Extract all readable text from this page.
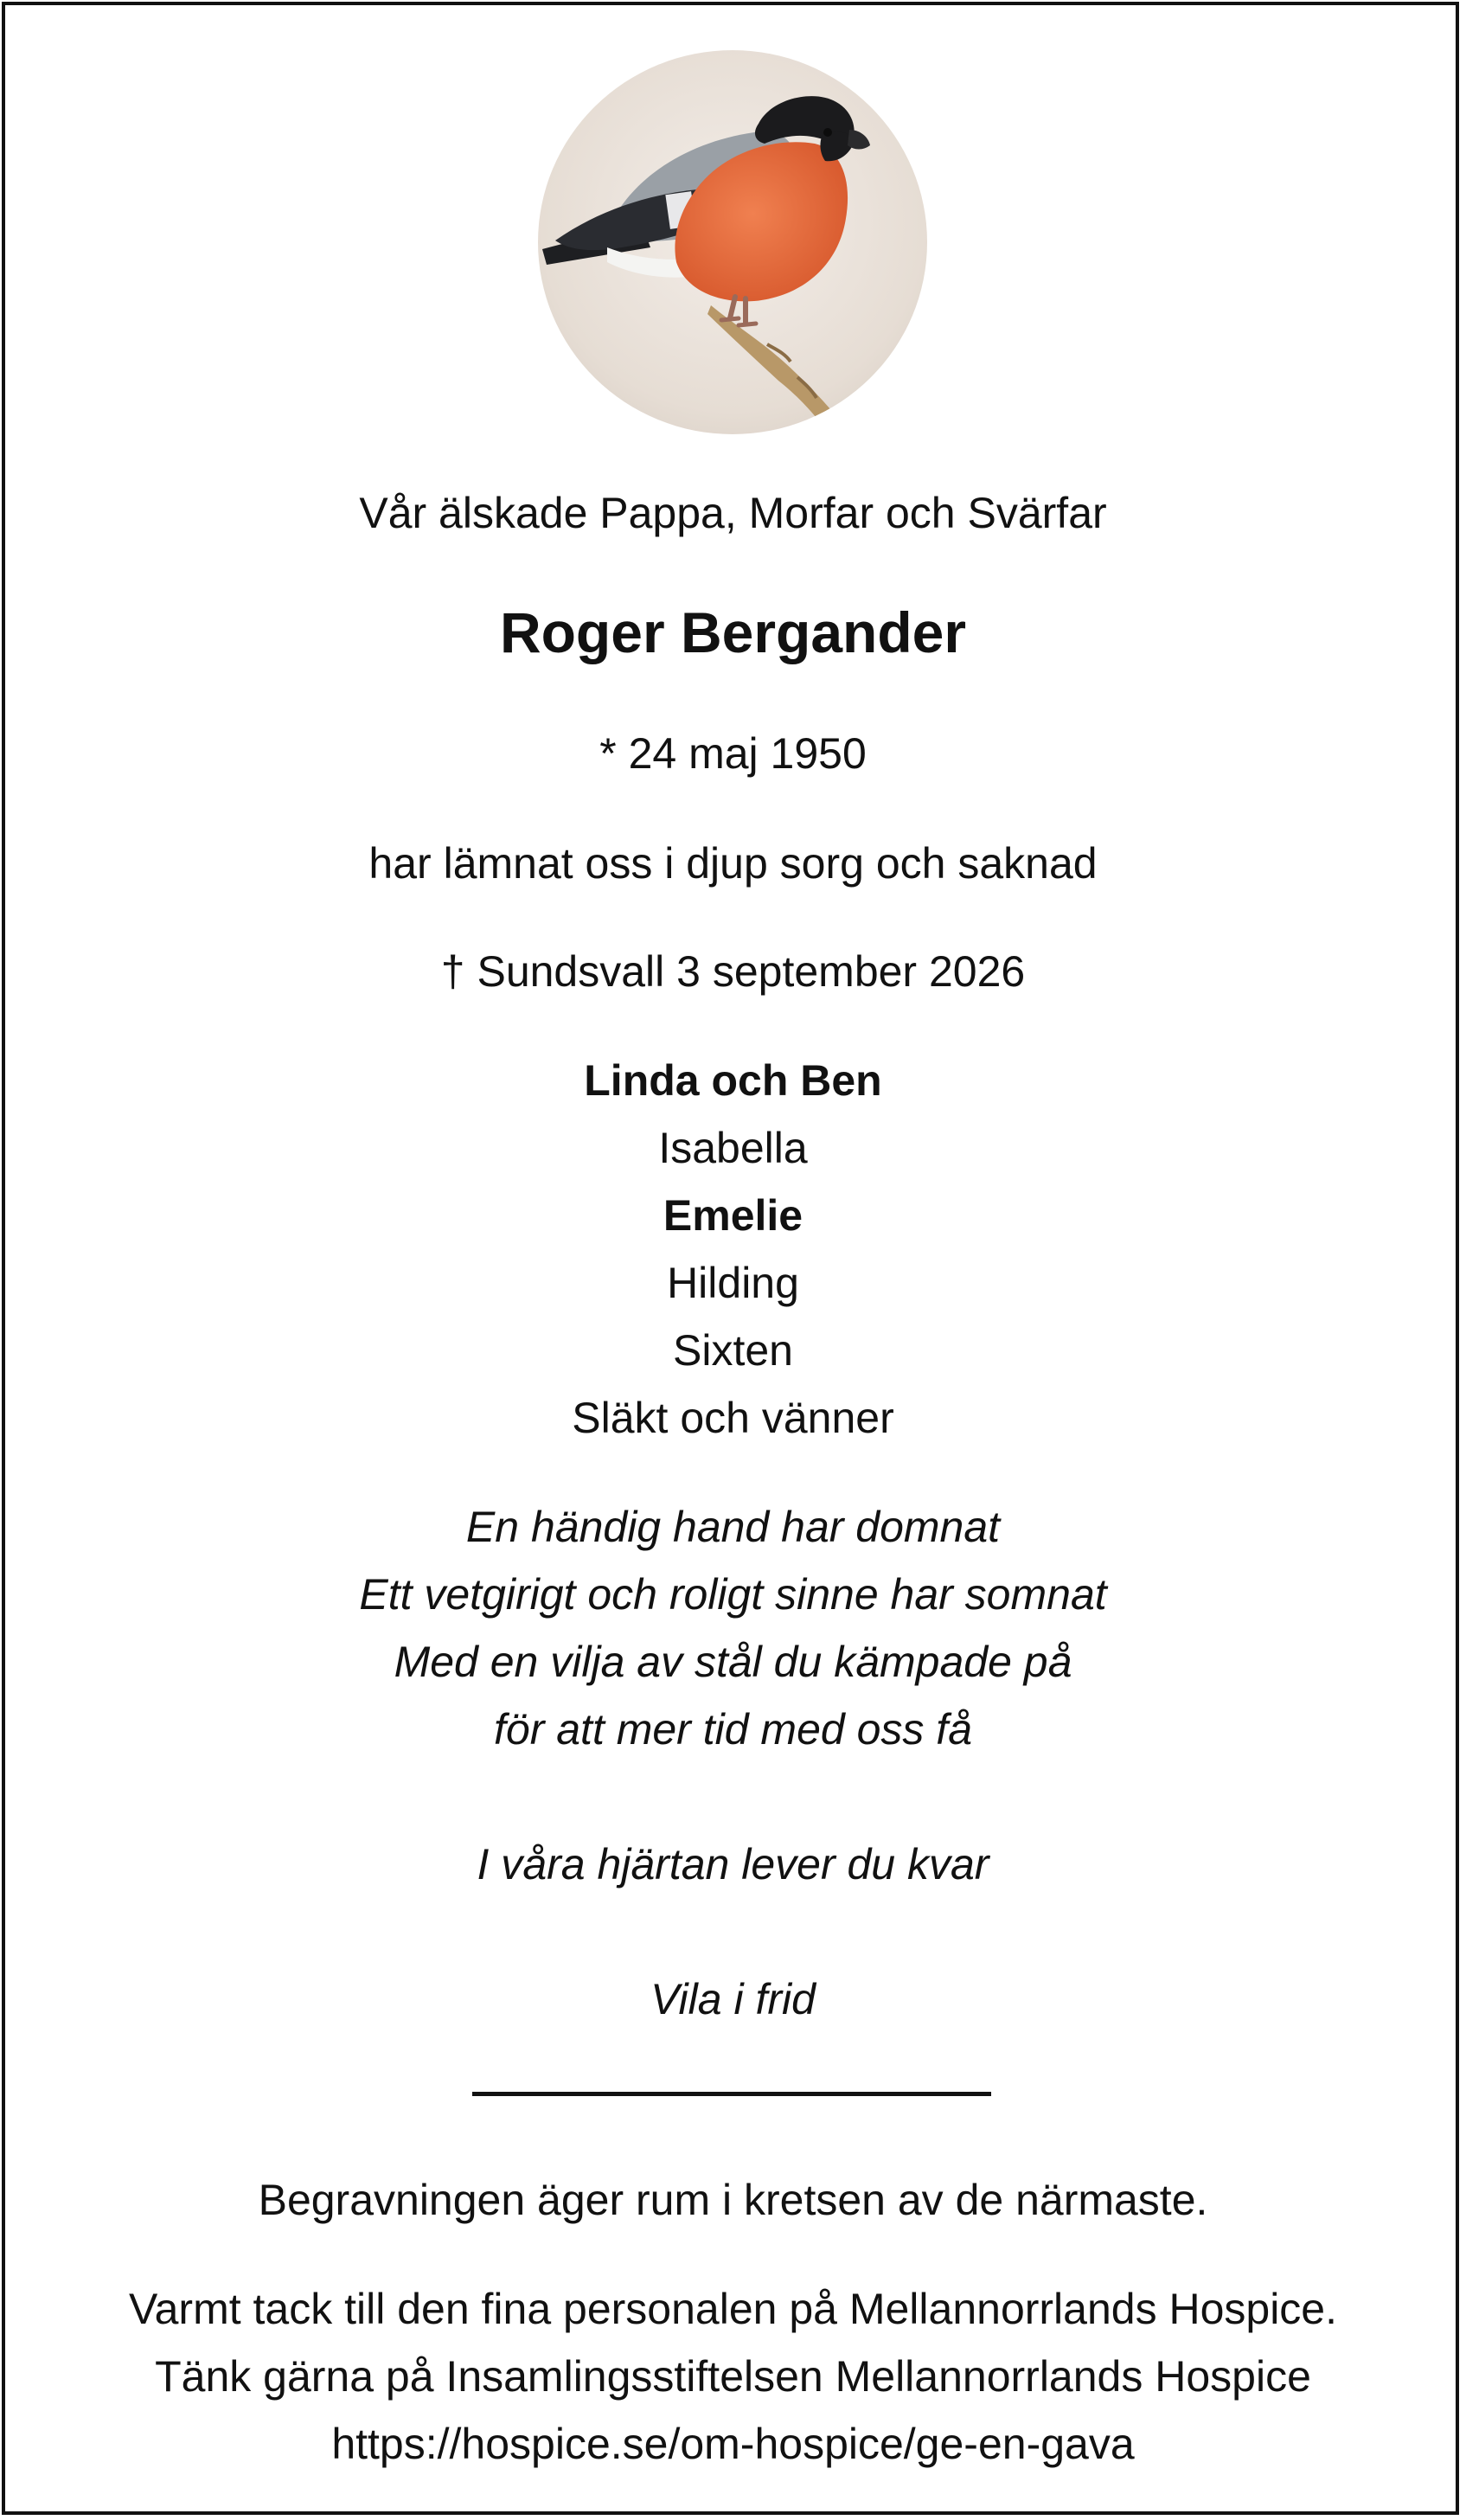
Vår älskade Pappa, Morfar och Svärfar
Roger Bergander
* 24 maj 1950
har lämnat oss i djup sorg och saknad
† Sundsvall 3 september 2026
Linda och Ben
Isabella
Emelie
Hilding
Sixten
Släkt och vänner
En händig hand har domnat
Ett vetgirigt och roligt sinne har somnat
Med en vilja av stål du kämpade på
för att mer tid med oss få
I våra hjärtan lever du kvar
Vila i frid
Begravningen äger rum i kretsen av de närmaste.
Varmt tack till den fina personalen på Mellannorrlands Hospice.
Tänk gärna på Insamlingsstiftelsen Mellannorrlands Hospice
https://hospice.se/om-hospice/ge-en-gava
